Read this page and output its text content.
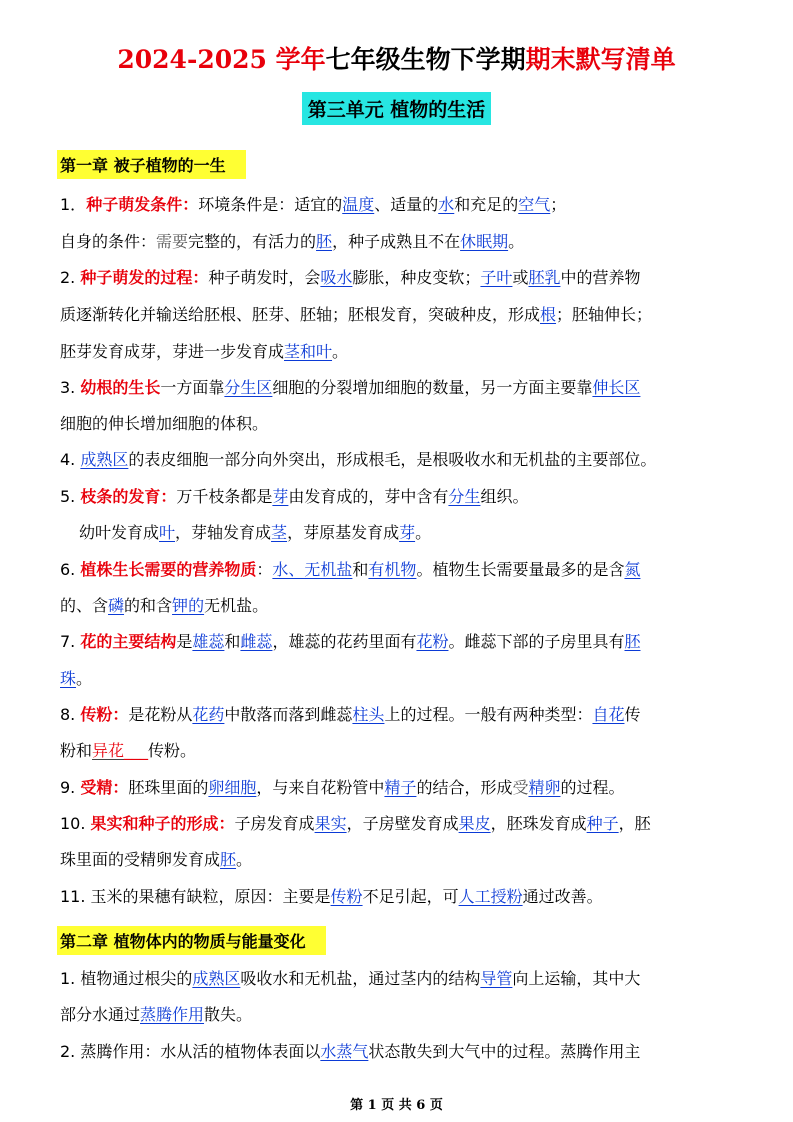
2024-2025 学年七年级生物下学期期末默写清单
第三单元 植物的生活
第一章 被子植物的一生
1．种子萌发条件：环境条件是：适宜的温度、适量的水和充足的空气；
自身的条件：需要完整的，有活力的胚，种子成熟且不在休眠期。
2. 种子萌发的过程：种子萌发时，会吸水膨胀，种皮变软；子叶或胚乳中的营养物
质逐渐转化并输送给胚根、胚芽、胚轴；胚根发育，突破种皮，形成根；胚轴伸长；
胚芽发育成芽，芽进一步发育成茎和叶。
3. 幼根的生长一方面靠分生区细胞的分裂增加细胞的数量，另一方面主要靠伸长区
细胞的伸长增加细胞的体积。
4. 成熟区的表皮细胞一部分向外突出，形成根毛，是根吸收水和无机盐的主要部位。
5. 枝条的发育：万千枝条都是芽由发育成的，芽中含有分生组织。
幼叶发育成叶，芽轴发育成茎，芽原基发育成芽。
6. 植株生长需要的营养物质：水、无机盐和有机物。植物生长需要量最多的是含氮
的、含磷的和含钾的无机盐。
7. 花的主要结构是雄蕊和雌蕊，雄蕊的花药里面有花粉。雌蕊下部的子房里具有胚
珠。
8. 传粉：是花粉从花药中散落而落到雌蕊柱头上的过程。一般有两种类型：自花传
粉和异花___传粉。
9. 受精：胚珠里面的卵细胞，与来自花粉管中精子的结合，形成受精卵的过程。
10. 果实和种子的形成：子房发育成果实，子房壁发育成果皮，胚珠发育成种子，胚
珠里面的受精卵发育成胚。
11. 玉米的果穗有缺粒，原因：主要是传粉不足引起，可人工授粉通过改善。
第二章 植物体内的物质与能量变化
1. 植物通过根尖的成熟区吸收水和无机盐，通过茎内的结构导管向上运输，其中大
部分水通过蒸腾作用散失。
2. 蒸腾作用：水从活的植物体表面以水蒸气状态散失到大气中的过程。蒸腾作用主
第 1 页 共 6 页
